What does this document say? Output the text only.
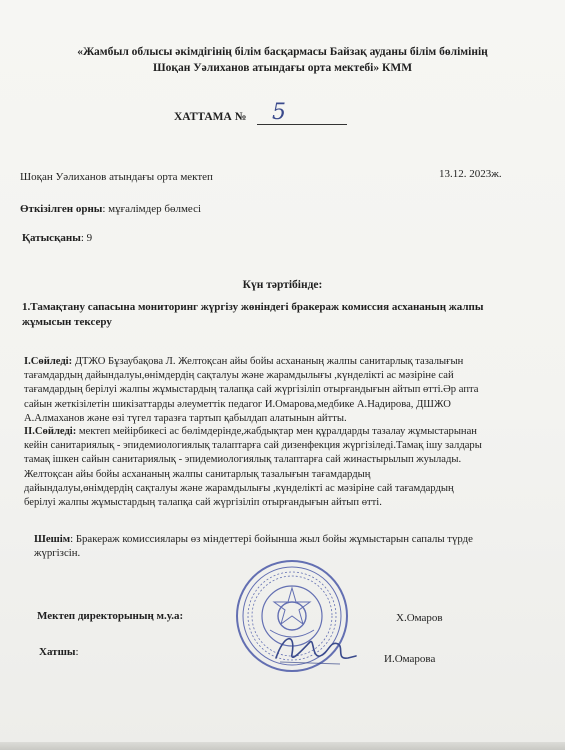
«Жамбыл облысы әкімдігінің білім басқармасы Байзақ ауданы білім бөлімінің
Шоқан Уәлиханов атындағы орта мектебі» КММ
ХАТТАМА № 5
Шоқан Уәлиханов атындағы орта мектеп	13.12. 2023ж.
Өткізілген орны: мұғалімдер бөлмесі
Қатысқаны: 9
Күн тәртібінде:
1.Тамақтану сапасына мониторинг жүргізу жөніндегі бракераж комиссия асхананың жалпы
жұмысын тексеру
І.Сөйледі: ДТЖО Бұзаубақова Л. Желтоқсан айы бойы асхананың жалпы санитарлық тазалығын
тағамдардың дайындалуы,өнімдердің сақталуы және жарамдылығы ,күнделікті ас мәзіріне сай
тағамдардың берілуі жалпы жұмыстардың талапқа сай жүргізіліп отырғандығын айтып өтті.Әр апта
сайын жеткізілетін шикізаттарды әлеуметтік педагог И.Омарова,медбике А.Надирова, ДШЖО
А.Алмаханов және өзі түгел таразға тартып қабылдап алатынын айтты.
ІІ.Сөйледі: мектеп мейірбикесі ас бөлімдерінде,жабдықтар мен құралдарды тазалау жұмыстарынан
кейін санитариялық - эпидемиологиялық талаптарға сай дизенфекция жүргізіледі.Тамақ ішу залдары
тамақ ішкен сайын санитариялық - эпидемиологиялық талаптарға сай жинастырылып жуылады.
Желтоқсан айы бойы асхананың жалпы санитарлық тазалығын тағамдардың
дайындалуы,өнімдердің сақталуы және жарамдылығы ,күнделікті ас мәзіріне сай тағамдардың
берілуі жалпы жұмыстардың талапқа сай жүргізіліп отырғандығын айтып өтті.
Шешім: Бракераж комиссиялары өз міндеттері бойынша жыл бойы жұмыстарын сапалы түрде
жүргізсін.
Мектеп директорының м.у.а:	Х.Омаров
Хатшы:
И.Омарова
